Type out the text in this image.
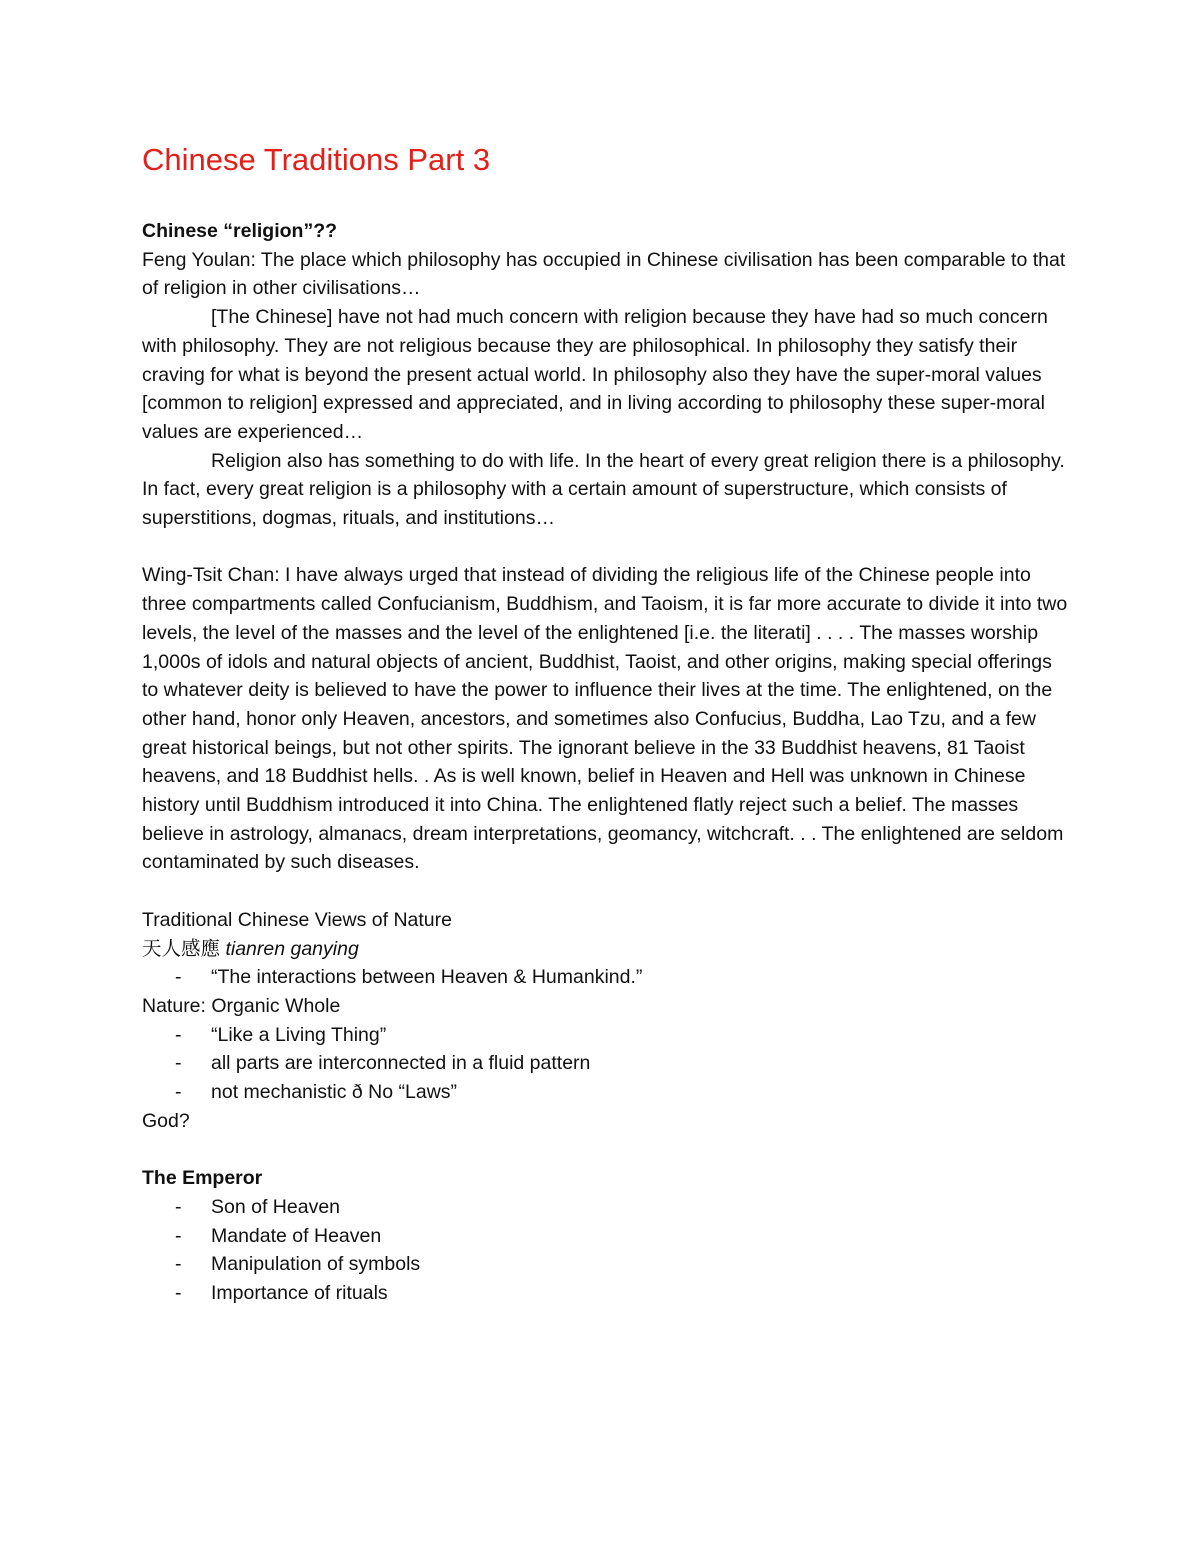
Chinese Traditions Part 3

Chinese “religion”??

Feng Youlan: The place which philosophy has occupied in Chinese civilisation has been comparable to that of religion in other civilisations…

[The Chinese] have not had much concern with religion because they have had so much concern with philosophy. They are not religious because they are philosophical. In philosophy they satisfy their craving for what is beyond the present actual world. In philosophy also they have the super-moral values [common to religion] expressed and appreciated, and in living according to philosophy these super-moral values are experienced…

Religion also has something to do with life. In the heart of every great religion there is a philosophy. In fact, every great religion is a philosophy with a certain amount of superstructure, which consists of superstitions, dogmas, rituals, and institutions…

Wing-Tsit Chan: I have always urged that instead of dividing the religious life of the Chinese people into three compartments called Confucianism, Buddhism, and Taoism, it is far more accurate to divide it into two levels, the level of the masses and the level of the enlightened [i.e. the literati] . . . . The masses worship 1,000s of idols and natural objects of ancient, Buddhist, Taoist, and other origins, making special offerings to whatever deity is believed to have the power to influence their lives at the time. The enlightened, on the other hand, honor only Heaven, ancestors, and sometimes also Confucius, Buddha, Lao Tzu, and a few great historical beings, but not other spirits. The ignorant believe in the 33 Buddhist heavens, 81 Taoist heavens, and 18 Buddhist hells. . As is well known, belief in Heaven and Hell was unknown in Chinese history until Buddhism introduced it into China. The enlightened flatly reject such a belief. The masses believe in astrology, almanacs, dream interpretations, geomancy, witchcraft. . . The enlightened are seldom contaminated by such diseases.

Traditional Chinese Views of Nature

天人感應 tianren ganying

- “The interactions between Heaven & Humankind.”

Nature: Organic Whole

- “Like a Living Thing”
- all parts are interconnected in a fluid pattern
- not mechanistic ð No “Laws”

God?

The Emperor

- Son of Heaven
- Mandate of Heaven
- Manipulation of symbols
- Importance of rituals
